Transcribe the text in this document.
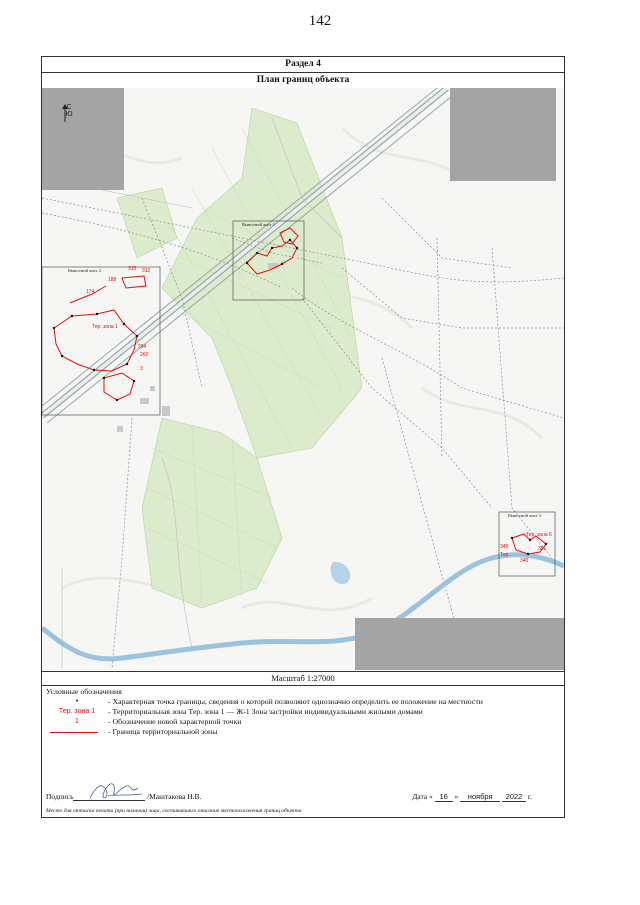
142
Раздел 4
План границ объекта
174
315 312
188
Тер. зона 1
264
262
3
349
340
351
Тер.
Тер. зона 6
С
Ю
Выносной лист 1
Выносной лист 2
Выносной лист 3
Масштаб 1:27000
Условные обозначения
•	- Характерная точка границы, сведения о которой позволяют однозначно определить ее положение на местности
Тер. зона 1	- Территориальная зона Тер. зона 1 — Ж-1 Зона застройки индивидуальными жилыми домами
1	- Обозначение новой характерной точки
- Граница территориальной зоны
Подпись	/Маштакова Н.В.	Дата « 16 » ноября 2022 г.
Место для оттиска печати (при наличии) лица, составившего описание местоположения границ объекта
